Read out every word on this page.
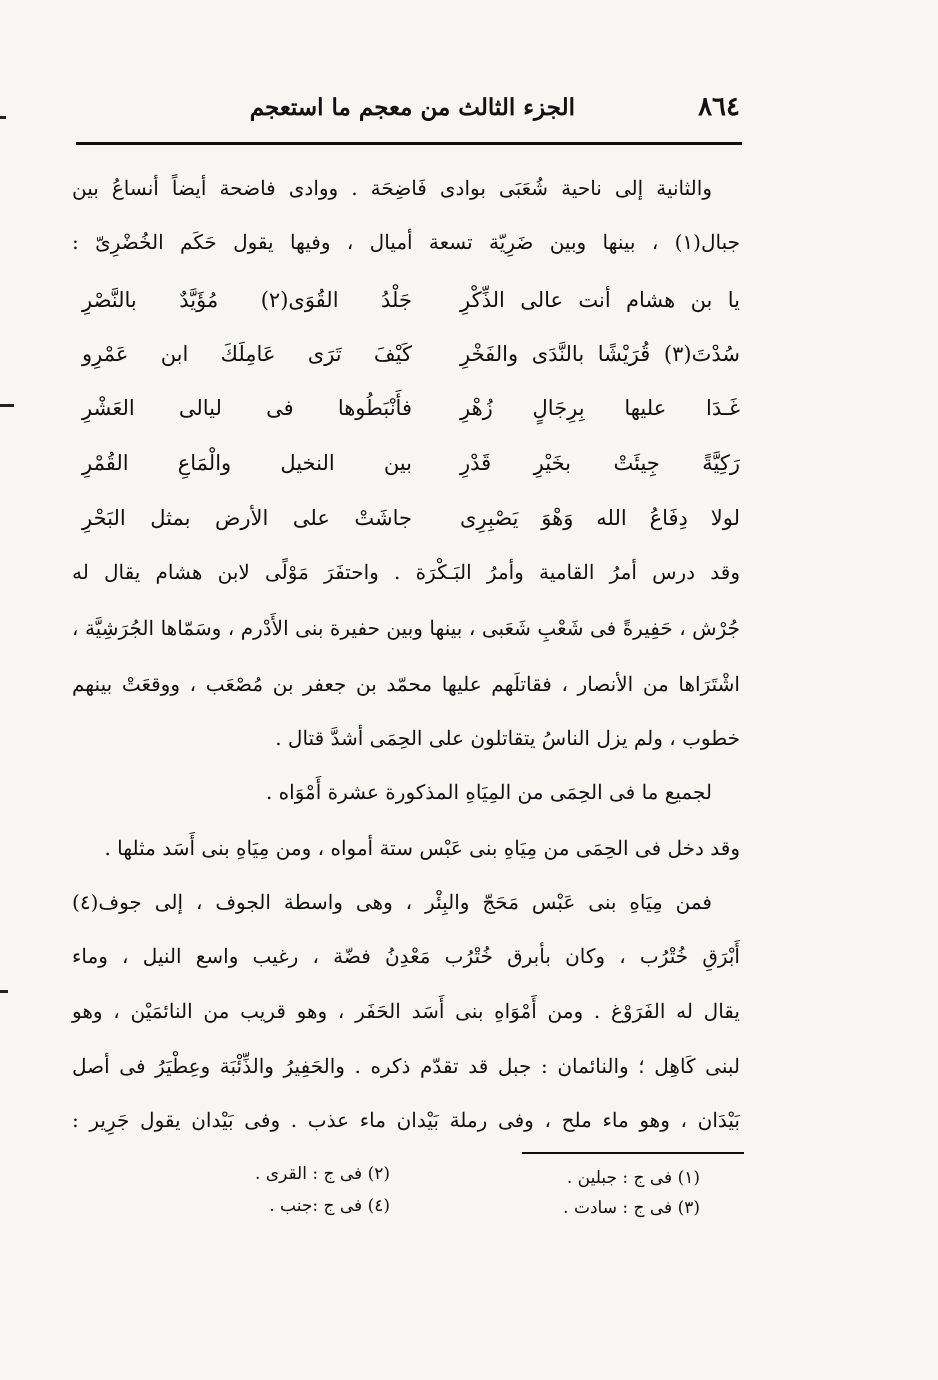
٨٦٤
الجزء الثالث من معجم ما استعجم
والثانية إلى ناحية شُعَبَى بوادى فَاضِحَة . ووادى فاضحة أيضاً أنساعُ بين
جبال(١) ، بينها وبين ضَرِيّة تسعة أميال ، وفيها يقول حَكَم الخُضْرِىّ :
يا بن هشام أنت عالى الذِّكْرِ
جَلْدُ القُوَى(٢) مُؤَيَّدٌ بالنَّصْرِ
سُدْتَ(٣) قُرَيْشًا بالنَّدَى والفَخْرِ
كَيْفَ تَرَى عَامِلَكَ ابن عَمْرِو
غَـدَا عليها بِرِجَالٍ زُهْرِ
فأَنْبَطُوها فى ليالى العَشْرِ
رَكِيَّةً جِيئَتْ بخَيْرِ قَدْرِ
بين النخيل والْمَاعِ القُمْرِ
لولا دِفَاعُ الله وَهْوَ يَصْبِرِى
جاشَتْ على الأرض بمثل البَحْرِ
وقد درس أمرُ القامية وأمرُ البَـكْرَة . واحتفَرَ مَوْلًى لابن هشام يقال له
جُرْش ، حَفِيرةً فى شَعْبِ شَعَبى ، بينها وبين حفيرة بنى الأَدْرم ، وسَمّاها الجُرَشِيَّة ،
اشْتَرَاها من الأنصار ، فقاتلَهم عليها محمّد بن جعفر بن مُصْعَب ، ووقعَتْ بينهم
خطوب ، ولم يزل الناسُ يتقاتلون على الحِمَى أشدَّ قتال .
لجميع ما فى الحِمَى من المِيَاهِ المذكورة عشرة أَمْوَاه .
وقد دخل فى الحِمَى من مِيَاهِ بنى عَبْس ستة أمواه ، ومن مِيَاهِ بنى أَسَد مثلها .
فمن مِيَاهِ بنى عَبْس مَحَجّ والبِئْر ، وهى واسطة الجوف ، إلى جوف(٤)
أَبْرَقِ خُتْرُب ، وكان بأبرق خُتْرُب مَعْدِنُ فضّة ، رغيب واسع النيل ، وماء
يقال له الفَرَوْغ . ومن أَمْوَاهِ بنى أَسَد الحَفَر ، وهو قريب من النائمَيْن ، وهو
لبنى كَاهِل ؛ والنائمان : جبل قد تقدّم ذكره . والحَفِيرُ والذِّئْبَة وعِطْيَرُ فى أصل
بَيْدَان ، وهو ماء ملح ، وفى رملة بَيْدان ماء عذب . وفى بَيْدان يقول جَرِير :
(١) فى ج : جبلين .
(٢) فى ج : القرى .
(٣) فى ج : سادت .
(٤) فى ج :جنب .
